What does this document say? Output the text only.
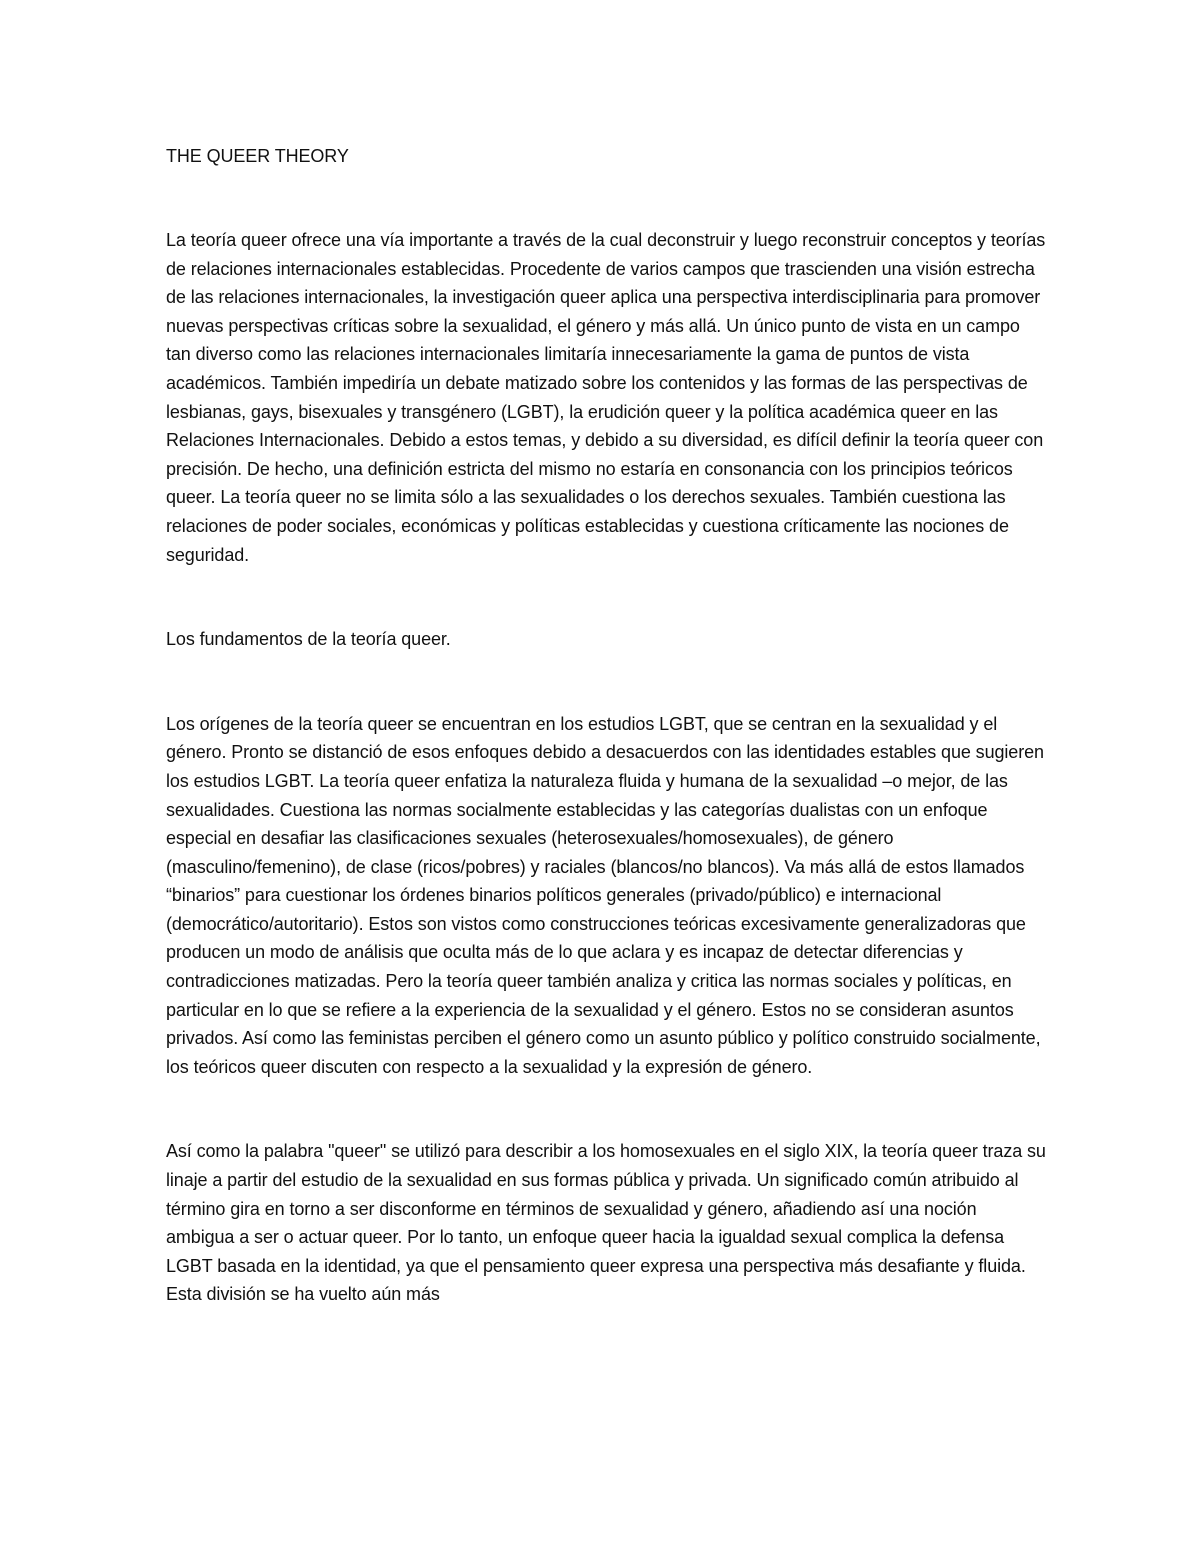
THE QUEER THEORY

La teoría queer ofrece una vía importante a través de la cual deconstruir y luego reconstruir conceptos y teorías de relaciones internacionales establecidas. Procedente de varios campos que trascienden una visión estrecha de las relaciones internacionales, la investigación queer aplica una perspectiva interdisciplinaria para promover nuevas perspectivas críticas sobre la sexualidad, el género y más allá. Un único punto de vista en un campo tan diverso como las relaciones internacionales limitaría innecesariamente la gama de puntos de vista académicos. También impediría un debate matizado sobre los contenidos y las formas de las perspectivas de lesbianas, gays, bisexuales y transgénero (LGBT), la erudición queer y la política académica queer en las Relaciones Internacionales. Debido a estos temas, y debido a su diversidad, es difícil definir la teoría queer con precisión. De hecho, una definición estricta del mismo no estaría en consonancia con los principios teóricos queer. La teoría queer no se limita sólo a las sexualidades o los derechos sexuales. También cuestiona las relaciones de poder sociales, económicas y políticas establecidas y cuestiona críticamente las nociones de seguridad.

Los fundamentos de la teoría queer.

Los orígenes de la teoría queer se encuentran en los estudios LGBT, que se centran en la sexualidad y el género. Pronto se distanció de esos enfoques debido a desacuerdos con las identidades estables que sugieren los estudios LGBT. La teoría queer enfatiza la naturaleza fluida y humana de la sexualidad –o mejor, de las sexualidades. Cuestiona las normas socialmente establecidas y las categorías dualistas con un enfoque especial en desafiar las clasificaciones sexuales (heterosexuales/homosexuales), de género (masculino/femenino), de clase (ricos/pobres) y raciales (blancos/no blancos). Va más allá de estos llamados “binarios” para cuestionar los órdenes binarios políticos generales (privado/público) e internacional (democrático/autoritario). Estos son vistos como construcciones teóricas excesivamente generalizadoras que producen un modo de análisis que oculta más de lo que aclara y es incapaz de detectar diferencias y contradicciones matizadas. Pero la teoría queer también analiza y critica las normas sociales y políticas, en particular en lo que se refiere a la experiencia de la sexualidad y el género. Estos no se consideran asuntos privados. Así como las feministas perciben el género como un asunto público y político construido socialmente, los teóricos queer discuten con respecto a la sexualidad y la expresión de género.

Así como la palabra "queer" se utilizó para describir a los homosexuales en el siglo XIX, la teoría queer traza su linaje a partir del estudio de la sexualidad en sus formas pública y privada. Un significado común atribuido al término gira en torno a ser disconforme en términos de sexualidad y género, añadiendo así una noción ambigua a ser o actuar queer. Por lo tanto, un enfoque queer hacia la igualdad sexual complica la defensa LGBT basada en la identidad, ya que el pensamiento queer expresa una perspectiva más desafiante y fluida. Esta división se ha vuelto aún más
